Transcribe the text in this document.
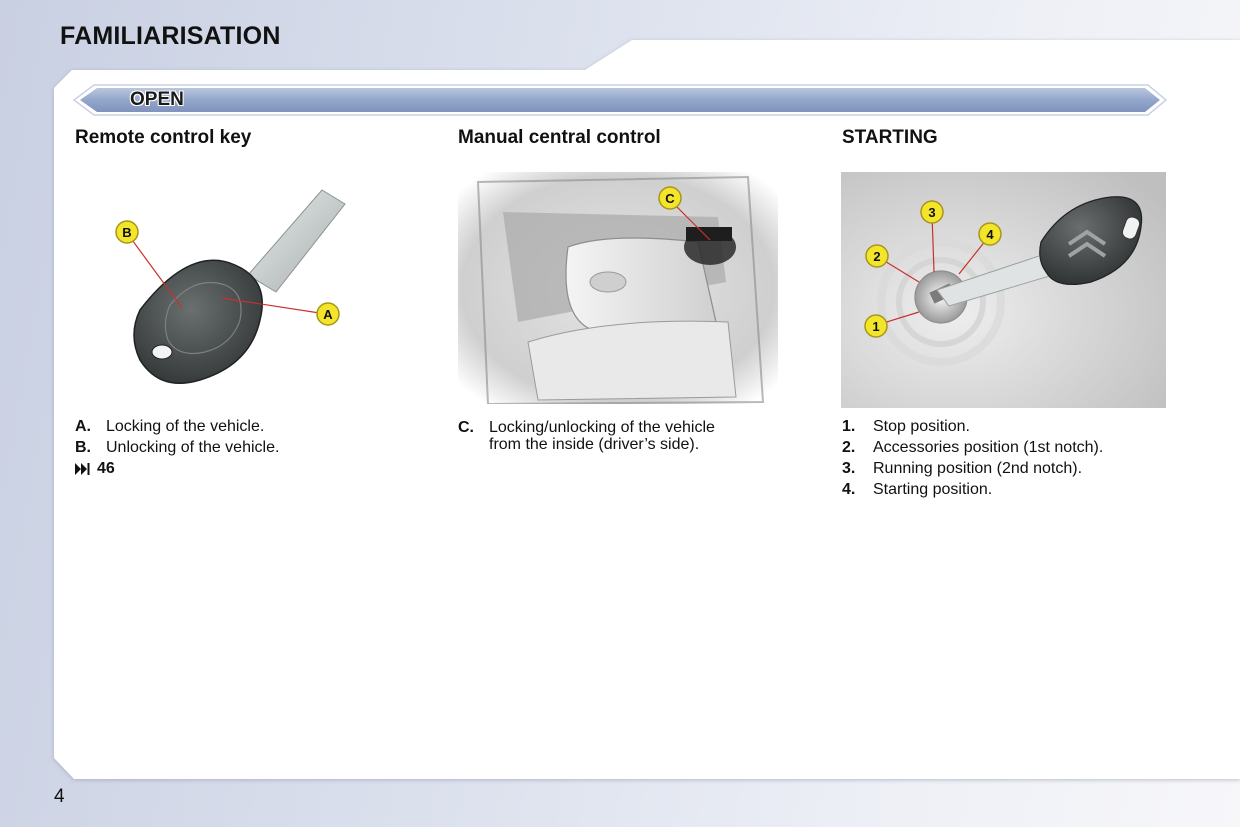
FAMILIARISATION
OPEN
Remote control key
B
A
A. Locking of the vehicle.
B. Unlocking of the vehicle.
46
Manual central control
C
C. Locking/unlocking of the vehicle
from the inside (driver’s side).
STARTING
3
4
2
1
1.	Stop position.
2.	Accessories position (1st notch).
3.	Running position (2nd notch).
4.	Starting position.
4
